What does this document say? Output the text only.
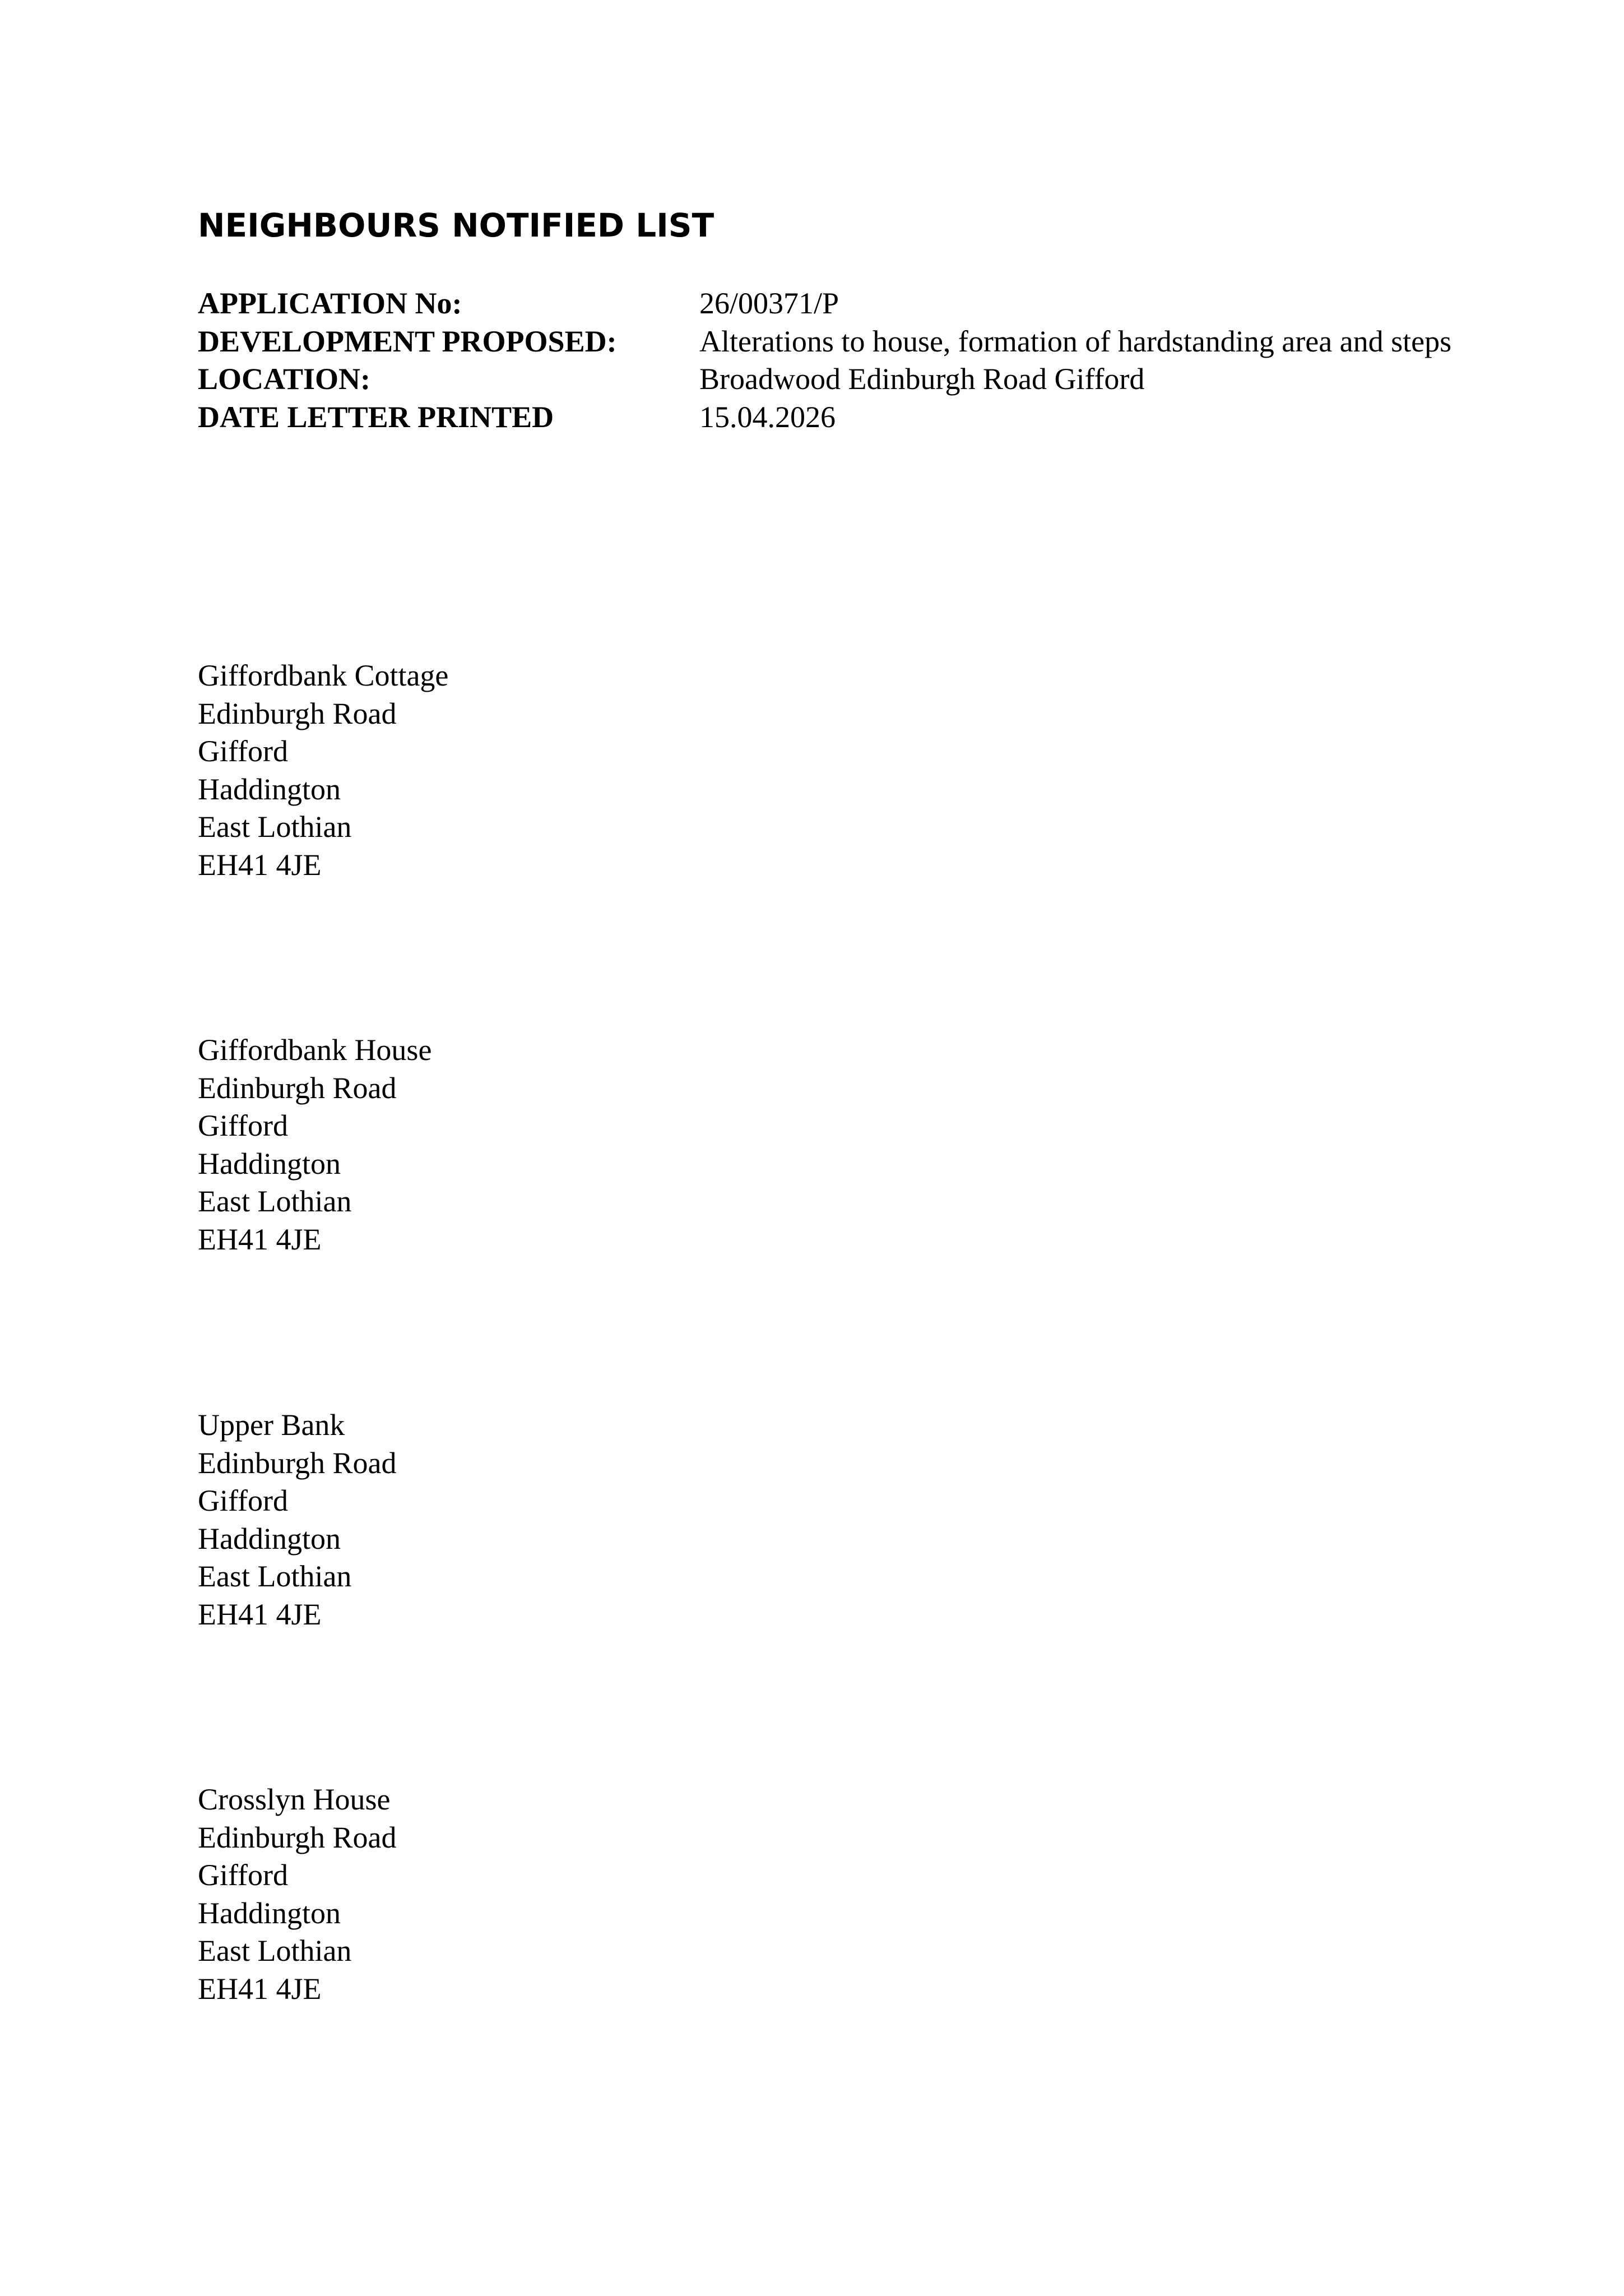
NEIGHBOURS NOTIFIED LIST
APPLICATION No:	26/00371/P
DEVELOPMENT PROPOSED:	Alterations to house, formation of hardstanding area and steps
LOCATION:	Broadwood Edinburgh Road Gifford
DATE LETTER PRINTED	15.04.2026
Giffordbank Cottage
Edinburgh Road
Gifford
Haddington
East Lothian
EH41 4JE
Giffordbank House
Edinburgh Road
Gifford
Haddington
East Lothian
EH41 4JE
Upper Bank
Edinburgh Road
Gifford
Haddington
East Lothian
EH41 4JE
Crosslyn House
Edinburgh Road
Gifford
Haddington
East Lothian
EH41 4JE
